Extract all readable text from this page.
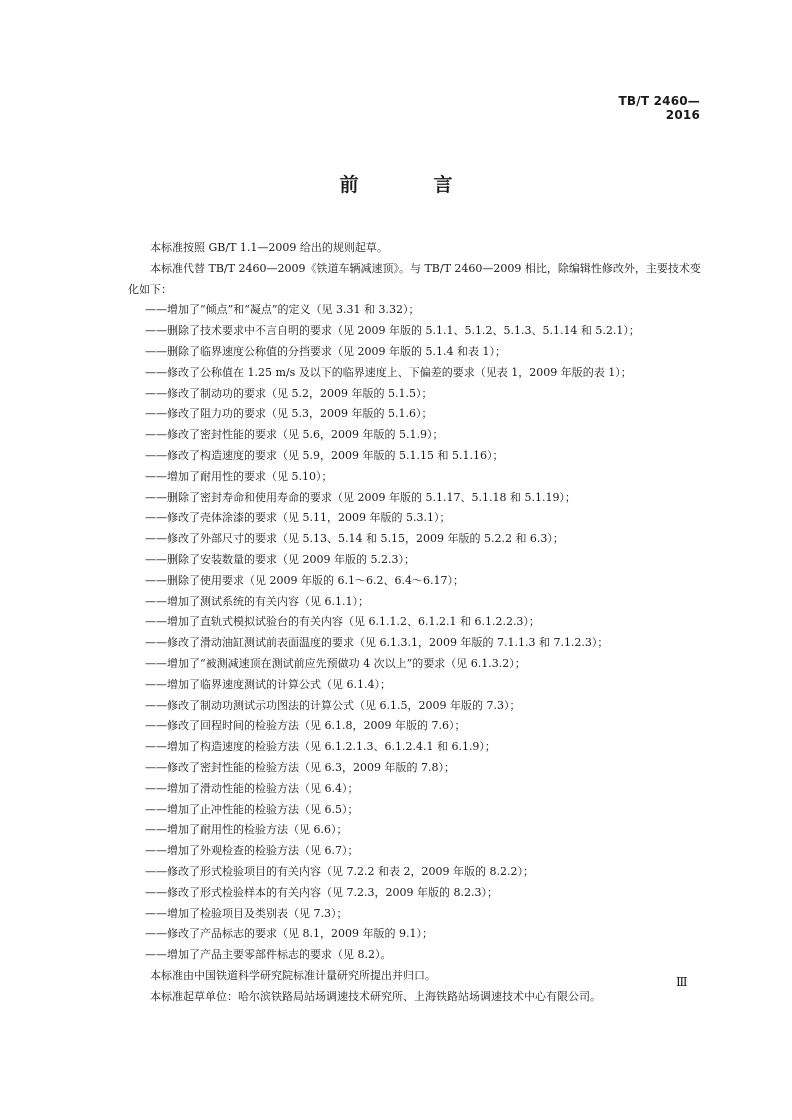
TB/T 2460—2016
前　言
本标准按照 GB/T 1.1—2009 给出的规则起草。
本标准代替 TB/T 2460—2009《铁道车辆减速顶》。与 TB/T 2460—2009 相比，除编辑性修改外，主要技术变化如下：
——增加了“倾点”和“凝点”的定义（见 3.31 和 3.32）；
——删除了技术要求中不言自明的要求（见 2009 年版的 5.1.1、5.1.2、5.1.3、5.1.14 和 5.2.1）；
——删除了临界速度公称值的分挡要求（见 2009 年版的 5.1.4 和表 1）；
——修改了公称值在 1.25 m/s 及以下的临界速度上、下偏差的要求（见表 1，2009 年版的表 1）；
——修改了制动功的要求（见 5.2，2009 年版的 5.1.5）；
——修改了阻力功的要求（见 5.3，2009 年版的 5.1.6）；
——修改了密封性能的要求（见 5.6，2009 年版的 5.1.9）；
——修改了构造速度的要求（见 5.9，2009 年版的 5.1.15 和 5.1.16）；
——增加了耐用性的要求（见 5.10）；
——删除了密封寿命和使用寿命的要求（见 2009 年版的 5.1.17、5.1.18 和 5.1.19）；
——修改了壳体涂漆的要求（见 5.11，2009 年版的 5.3.1）；
——修改了外部尺寸的要求（见 5.13、5.14 和 5.15，2009 年版的 5.2.2 和 6.3）；
——删除了安装数量的要求（见 2009 年版的 5.2.3）；
——删除了使用要求（见 2009 年版的 6.1～6.2、6.4～6.17）；
——增加了测试系统的有关内容（见 6.1.1）；
——增加了直轨式模拟试验台的有关内容（见 6.1.1.2、6.1.2.1 和 6.1.2.2.3）；
——修改了滑动油缸测试前表面温度的要求（见 6.1.3.1，2009 年版的 7.1.1.3 和 7.1.2.3）；
——增加了“被测减速顶在测试前应先预做功 4 次以上”的要求（见 6.1.3.2）；
——增加了临界速度测试的计算公式（见 6.1.4）；
——修改了制动功测试示功图法的计算公式（见 6.1.5，2009 年版的 7.3）；
——修改了回程时间的检验方法（见 6.1.8，2009 年版的 7.6）；
——增加了构造速度的检验方法（见 6.1.2.1.3、6.1.2.4.1 和 6.1.9）；
——修改了密封性能的检验方法（见 6.3，2009 年版的 7.8）；
——增加了滑动性能的检验方法（见 6.4）；
——增加了止冲性能的检验方法（见 6.5）；
——增加了耐用性的检验方法（见 6.6）；
——增加了外观检查的检验方法（见 6.7）；
——修改了形式检验项目的有关内容（见 7.2.2 和表 2，2009 年版的 8.2.2）；
——修改了形式检验样本的有关内容（见 7.2.3，2009 年版的 8.2.3）；
——增加了检验项目及类别表（见 7.3）；
——修改了产品标志的要求（见 8.1，2009 年版的 9.1）；
——增加了产品主要零部件标志的要求（见 8.2）。
本标准由中国铁道科学研究院标准计量研究所提出并归口。
本标准起草单位：哈尔滨铁路局站场调速技术研究所、上海铁路站场调速技术中心有限公司。
Ⅲ
